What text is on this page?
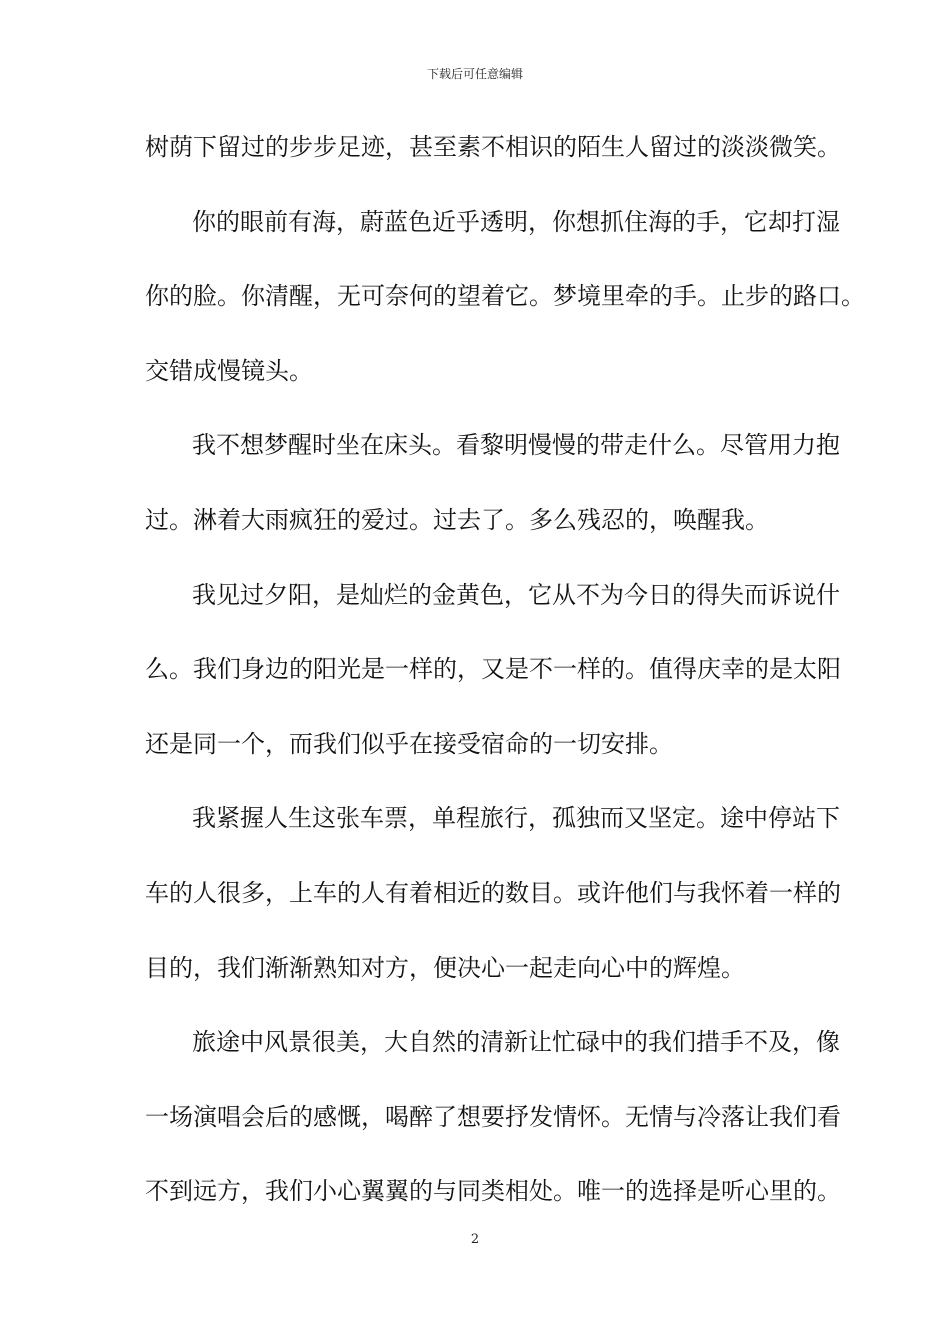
下载后可任意编辑
树荫下留过的步步足迹，甚至素不相识的陌生人留过的淡淡微笑。
你的眼前有海，蔚蓝色近乎透明，你想抓住海的手，它却打湿
你的脸。你清醒，无可奈何的望着它。梦境里牵的手。止步的路口。
交错成慢镜头。
我不想梦醒时坐在床头。看黎明慢慢的带走什么。尽管用力抱
过。淋着大雨疯狂的爱过。过去了。多么残忍的，唤醒我。
我见过夕阳，是灿烂的金黄色，它从不为今日的得失而诉说什
么。我们身边的阳光是一样的，又是不一样的。值得庆幸的是太阳
还是同一个，而我们似乎在接受宿命的一切安排。
我紧握人生这张车票，单程旅行，孤独而又坚定。途中停站下
车的人很多，上车的人有着相近的数目。或许他们与我怀着一样的
目的，我们渐渐熟知对方，便决心一起走向心中的辉煌。
旅途中风景很美，大自然的清新让忙碌中的我们措手不及，像
一场演唱会后的感慨，喝醉了想要抒发情怀。无情与冷落让我们看
不到远方，我们小心翼翼的与同类相处。唯一的选择是听心里的。
2
